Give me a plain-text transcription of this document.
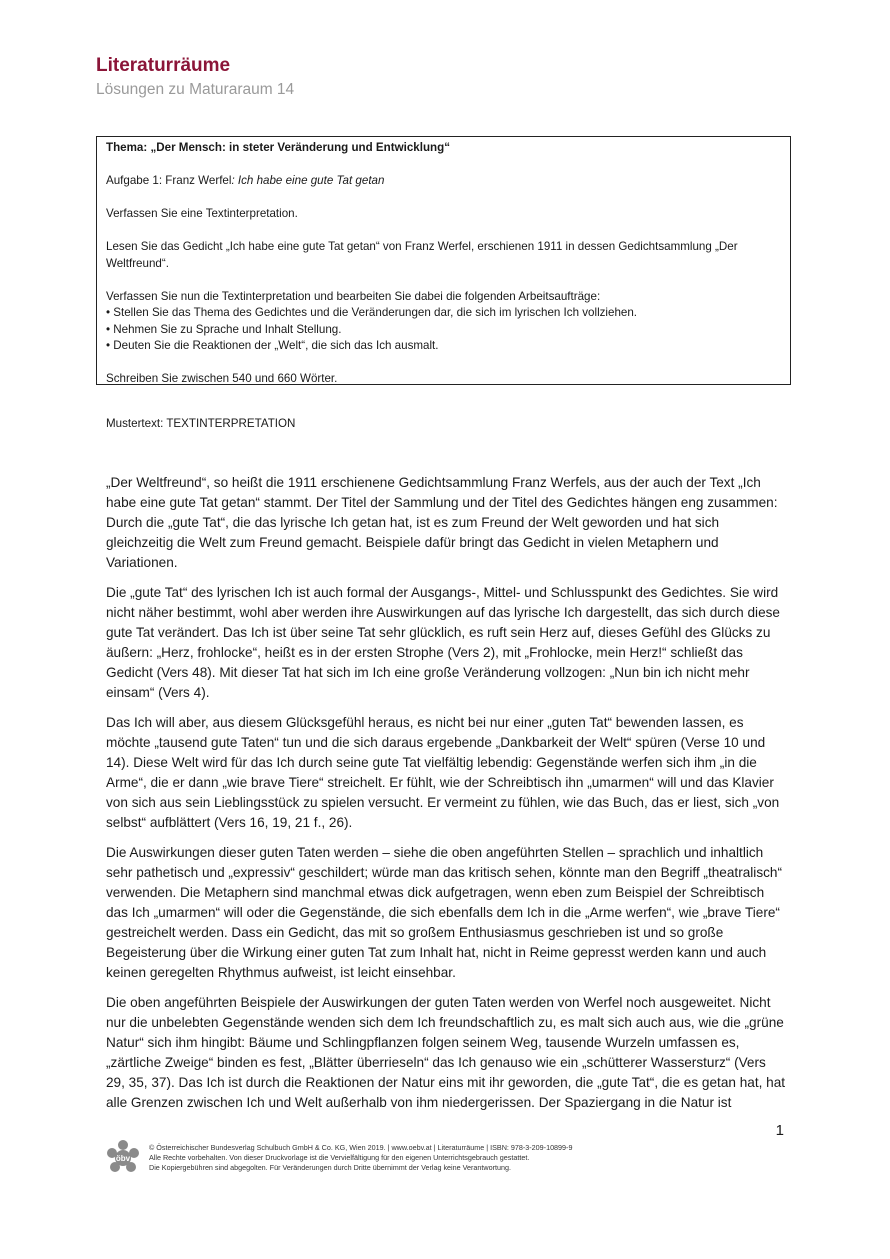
Literaturräume
Lösungen zu Maturaraum 14

Thema: „Der Mensch: in steter Veränderung und Entwicklung“

Aufgabe 1: Franz Werfel: Ich habe eine gute Tat getan

Verfassen Sie eine Textinterpretation.

Lesen Sie das Gedicht „Ich habe eine gute Tat getan“ von Franz Werfel, erschienen 1911 in dessen Gedichtsammlung „Der Weltfreund“.

Verfassen Sie nun die Textinterpretation und bearbeiten Sie dabei die folgenden Arbeitsaufträge:
• Stellen Sie das Thema des Gedichtes und die Veränderungen dar, die sich im lyrischen Ich vollziehen.
• Nehmen Sie zu Sprache und Inhalt Stellung.
• Deuten Sie die Reaktionen der „Welt“, die sich das Ich ausmalt.

Schreiben Sie zwischen 540 und 660 Wörter.

Mustertext: TEXTINTERPRETATION

„Der Weltfreund“, so heißt die 1911 erschienene Gedichtsammlung Franz Werfels, aus der auch der Text „Ich habe eine gute Tat getan“ stammt. Der Titel der Sammlung und der Titel des Gedichtes hängen eng zusammen: Durch die „gute Tat“, die das lyrische Ich getan hat, ist es zum Freund der Welt geworden und hat sich gleichzeitig die Welt zum Freund gemacht. Beispiele dafür bringt das Gedicht in vielen Metaphern und Variationen.

Die „gute Tat“ des lyrischen Ich ist auch formal der Ausgangs-, Mittel- und Schlusspunkt des Gedichtes. Sie wird nicht näher bestimmt, wohl aber werden ihre Auswirkungen auf das lyrische Ich dargestellt, das sich durch diese gute Tat verändert. Das Ich ist über seine Tat sehr glücklich, es ruft sein Herz auf, dieses Gefühl des Glücks zu äußern: „Herz, frohlocke“, heißt es in der ersten Strophe (Vers 2), mit „Frohlocke, mein Herz!“ schließt das Gedicht (Vers 48). Mit dieser Tat hat sich im Ich eine große Veränderung vollzogen: „Nun bin ich nicht mehr einsam“ (Vers 4).

Das Ich will aber, aus diesem Glücksgefühl heraus, es nicht bei nur einer „guten Tat“ bewenden lassen, es möchte „tausend gute Taten“ tun und die sich daraus ergebende „Dankbarkeit der Welt“ spüren (Verse 10 und 14). Diese Welt wird für das Ich durch seine gute Tat vielfältig lebendig: Gegenstände werfen sich ihm „in die Arme“, die er dann „wie brave Tiere“ streichelt. Er fühlt, wie der Schreibtisch ihn „umarmen“ will und das Klavier von sich aus sein Lieblingsstück zu spielen versucht. Er vermeint zu fühlen, wie das Buch, das er liest, sich „von selbst“ aufblättert (Vers 16, 19, 21 f., 26).

Die Auswirkungen dieser guten Taten werden – siehe die oben angeführten Stellen – sprachlich und inhaltlich sehr pathetisch und „expressiv“ geschildert; würde man das kritisch sehen, könnte man den Begriff „theatralisch“ verwenden. Die Metaphern sind manchmal etwas dick aufgetragen, wenn eben zum Beispiel der Schreibtisch das Ich „umarmen“ will oder die Gegenstände, die sich ebenfalls dem Ich in die „Arme werfen“, wie „brave Tiere“ gestreichelt werden. Dass ein Gedicht, das mit so großem Enthusiasmus geschrieben ist und so große Begeisterung über die Wirkung einer guten Tat zum Inhalt hat, nicht in Reime gepresst werden kann und auch keinen geregelten Rhythmus aufweist, ist leicht einsehbar.

Die oben angeführten Beispiele der Auswirkungen der guten Taten werden von Werfel noch ausgeweitet. Nicht nur die unbelebten Gegenstände wenden sich dem Ich freundschaftlich zu, es malt sich auch aus, wie die „grüne Natur“ sich ihm hingibt: Bäume und Schlingpflanzen folgen seinem Weg, tausende Wurzeln umfassen es, „zärtliche Zweige“ binden es fest, „Blätter überrieseln“ das Ich genauso wie ein „schütterer Wassersturz“ (Vers 29, 35, 37). Das Ich ist durch die Reaktionen der Natur eins mit ihr geworden, die „gute Tat“, die es getan hat, hat alle Grenzen zwischen Ich und Welt außerhalb von ihm niedergerissen. Der Spaziergang in die Natur ist

1
öbv
© Österreichischer Bundesverlag Schulbuch GmbH & Co. KG, Wien 2019. | www.oebv.at | Literaturräume | ISBN: 978-3-209-10899-9
Alle Rechte vorbehalten. Von dieser Druckvorlage ist die Vervielfältigung für den eigenen Unterrichtsgebrauch gestattet.
Die Kopiergebühren sind abgegolten. Für Veränderungen durch Dritte übernimmt der Verlag keine Verantwortung.
